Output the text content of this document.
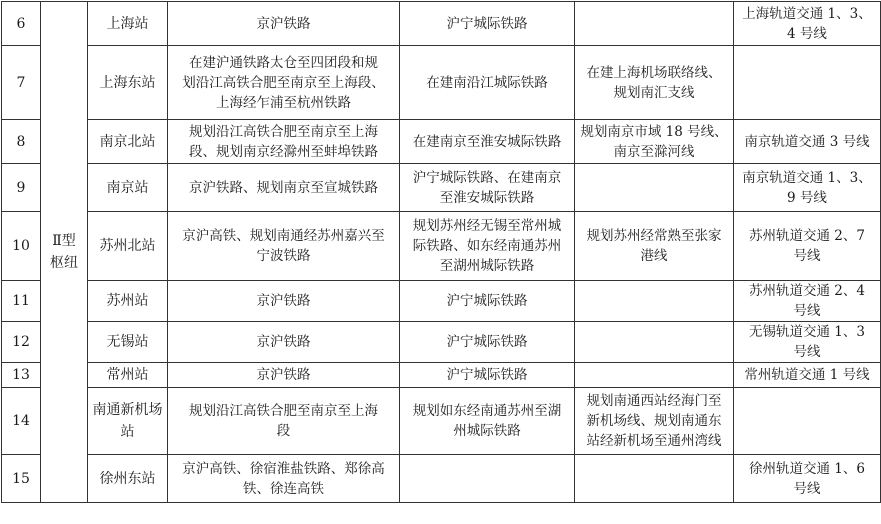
6	Ⅱ型
枢纽	上海站	京沪铁路	沪宁城际铁路		上海轨道交通 1、3、
4 号线

7		上海东站	在建沪通铁路太仓至四团段和规
划沿江高铁合肥至南京至上海段、
上海经乍浦至杭州铁路	在建南沿江城际铁路	在建上海机场联络线、
规划南汇支线	

8		南京北站	规划沿江高铁合肥至南京至上海
段、规划南京经滁州至蚌埠铁路	在建南京至淮安城际铁路	规划南京市域 18 号线、
南京至滁河线	南京轨道交通 3 号线

9		南京站	京沪铁路、规划南京至宣城铁路	沪宁城际铁路、在建南京
至淮安城际铁路		南京轨道交通 1、3、
9 号线

10		苏州北站	京沪高铁、规划南通经苏州嘉兴至
宁波铁路	规划苏州经无锡至常州城
际铁路、如东经南通苏州
至湖州城际铁路	规划苏州经常熟至张家
港线	苏州轨道交通 2、7
号线

11		苏州站	京沪铁路	沪宁城际铁路		苏州轨道交通 2、4
号线

12		无锡站	京沪铁路	沪宁城际铁路		无锡轨道交通 1、3
号线

13		常州站	京沪铁路	沪宁城际铁路		常州轨道交通 1 号线

14		南通新机场
站	规划沿江高铁合肥至南京至上海
段	规划如东经南通苏州至湖
州城际铁路	规划南通西站经海门至
新机场线、规划南通东
站经新机场至通州湾线	

15		徐州东站	京沪高铁、徐宿淮盐铁路、郑徐高
铁、徐连高铁			徐州轨道交通 1、6
号线
